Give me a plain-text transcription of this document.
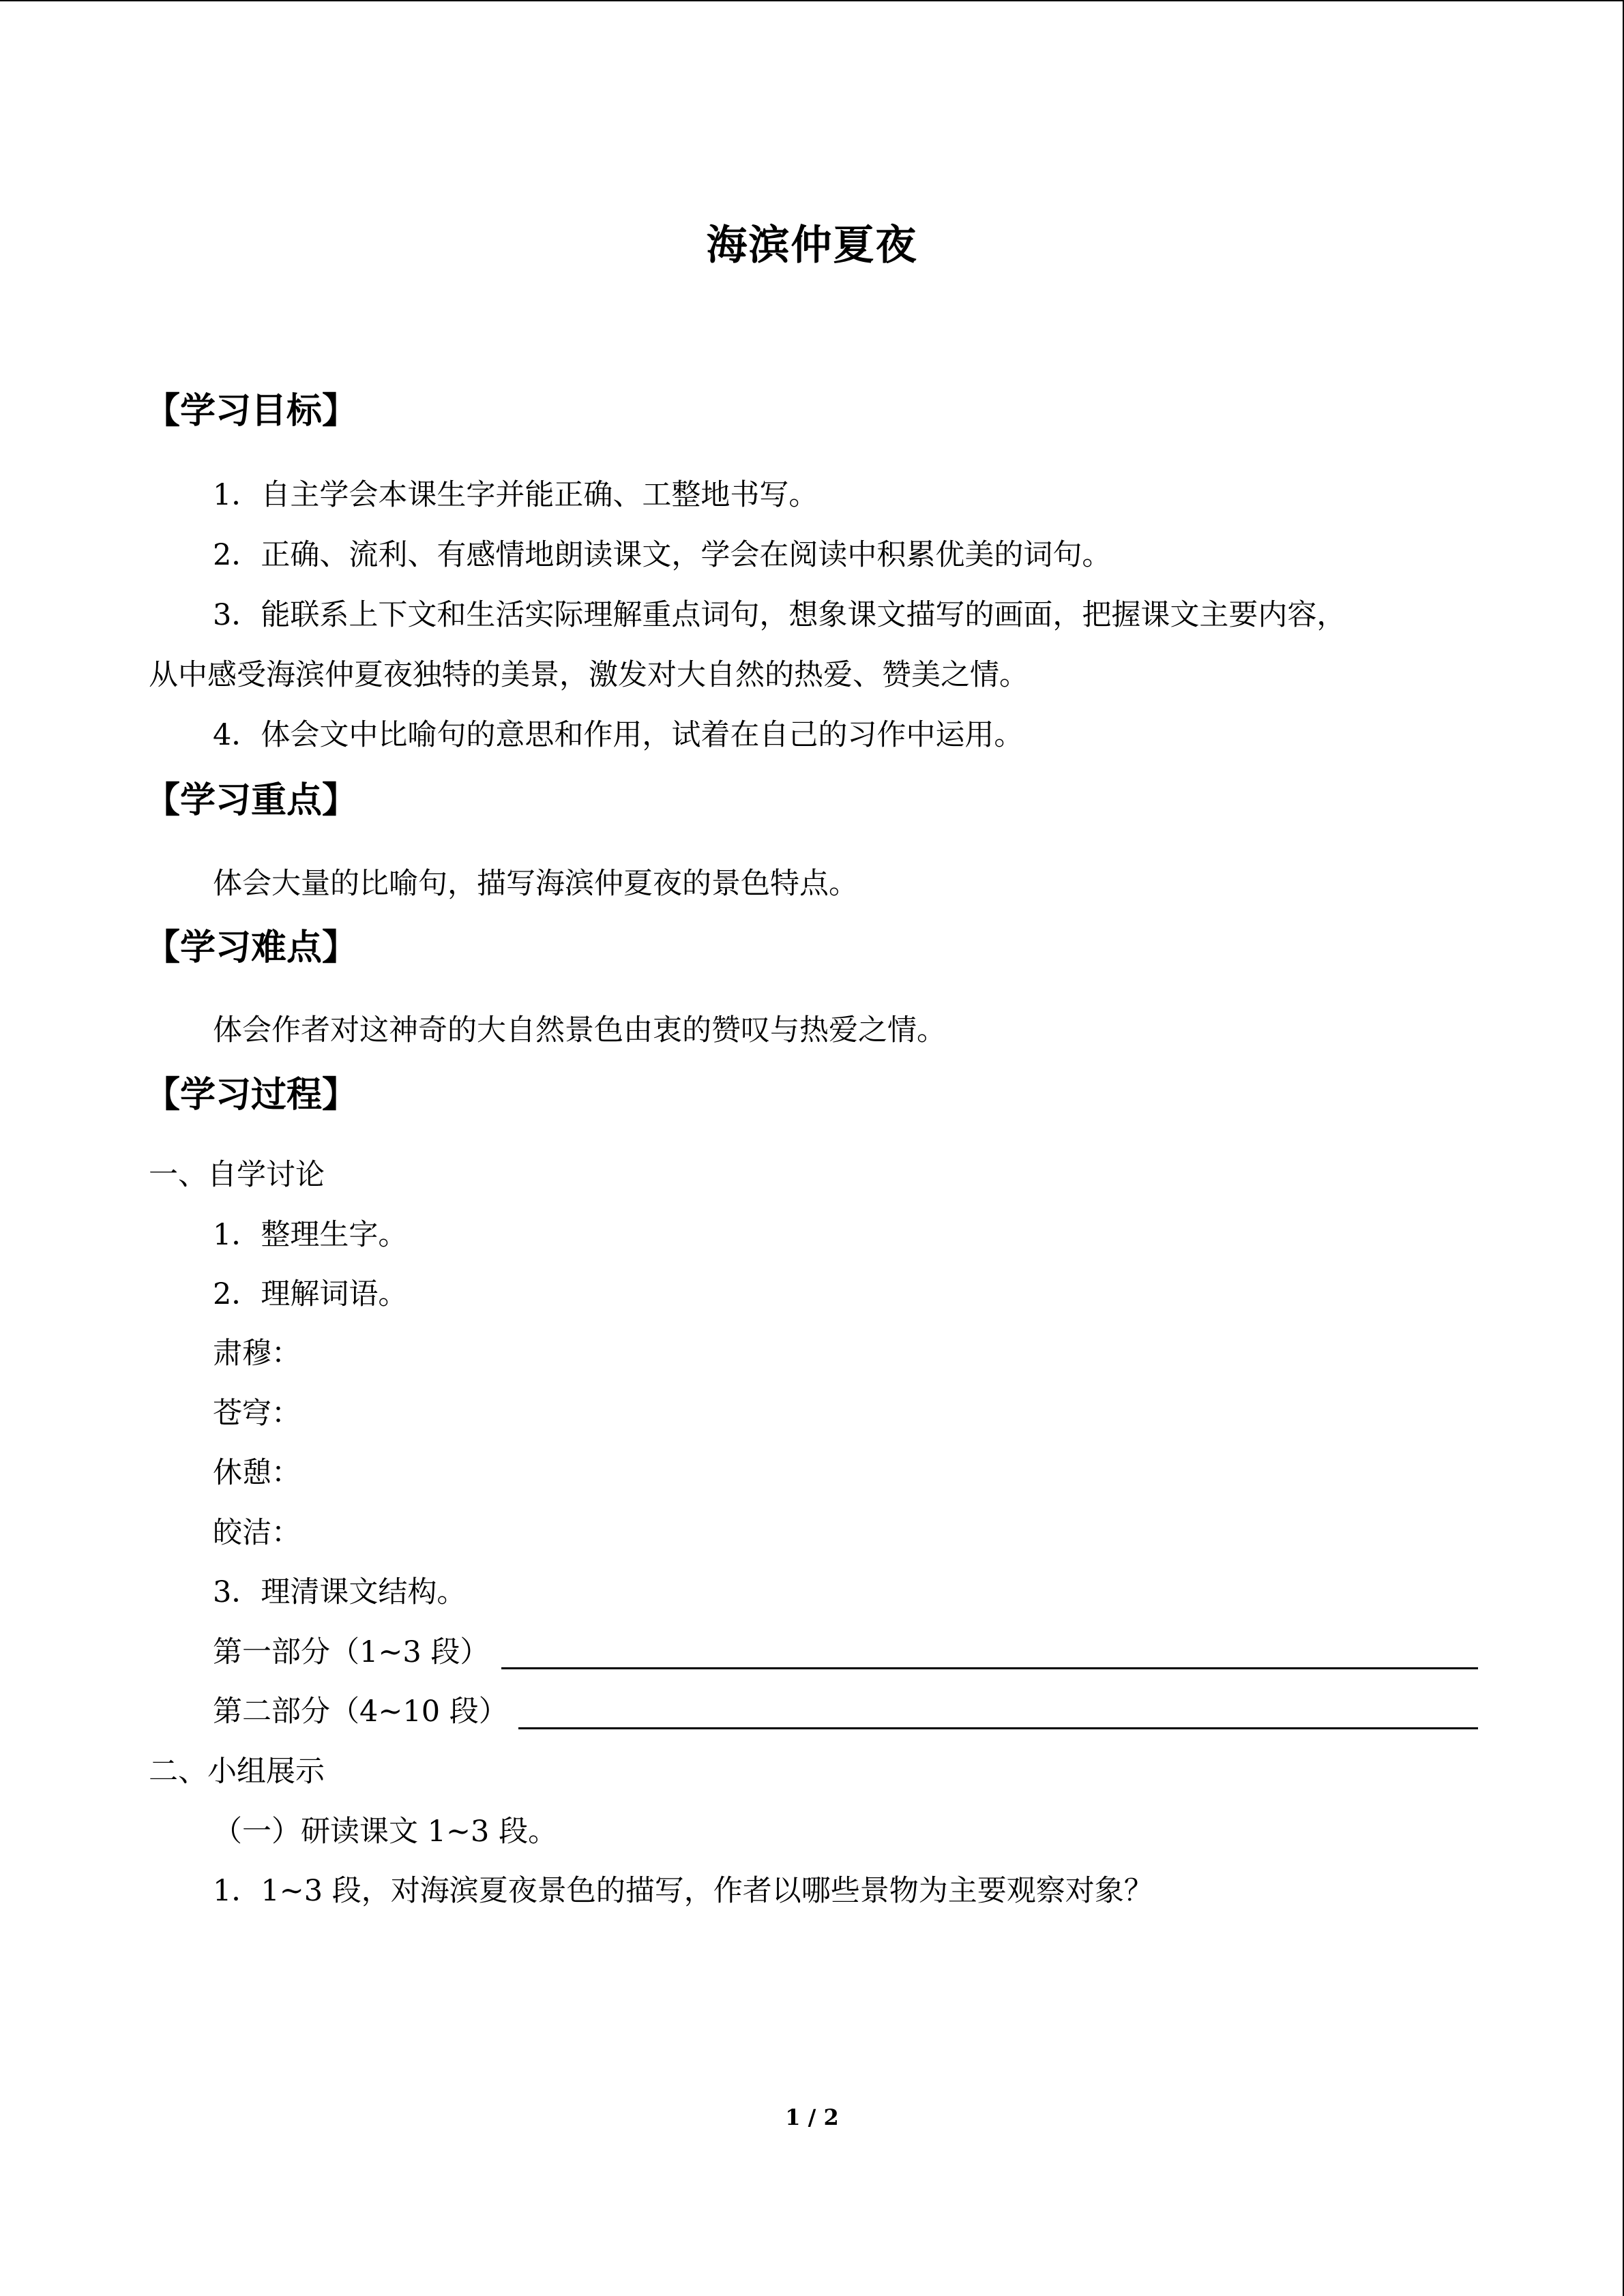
海滨仲夏夜
【学习目标】
1．自主学会本课生字并能正确、工整地书写。
2．正确、流利、有感情地朗读课文，学会在阅读中积累优美的词句。
3．能联系上下文和生活实际理解重点词句，想象课文描写的画面，把握课文主要内容，
从中感受海滨仲夏夜独特的美景，激发对大自然的热爱、赞美之情。
4．体会文中比喻句的意思和作用，试着在自己的习作中运用。
【学习重点】
体会大量的比喻句，描写海滨仲夏夜的景色特点。
【学习难点】
体会作者对这神奇的大自然景色由衷的赞叹与热爱之情。
【学习过程】
一、自学讨论
1．整理生字。
2．理解词语。
肃穆：
苍穹：
休憩：
皎洁：
3．理清课文结构。
第一部分（1~3 段）
第二部分（4~10 段）
二、小组展示
（一）研读课文 1~3 段。
1．1~3 段，对海滨夏夜景色的描写，作者以哪些景物为主要观察对象？
1 / 2
